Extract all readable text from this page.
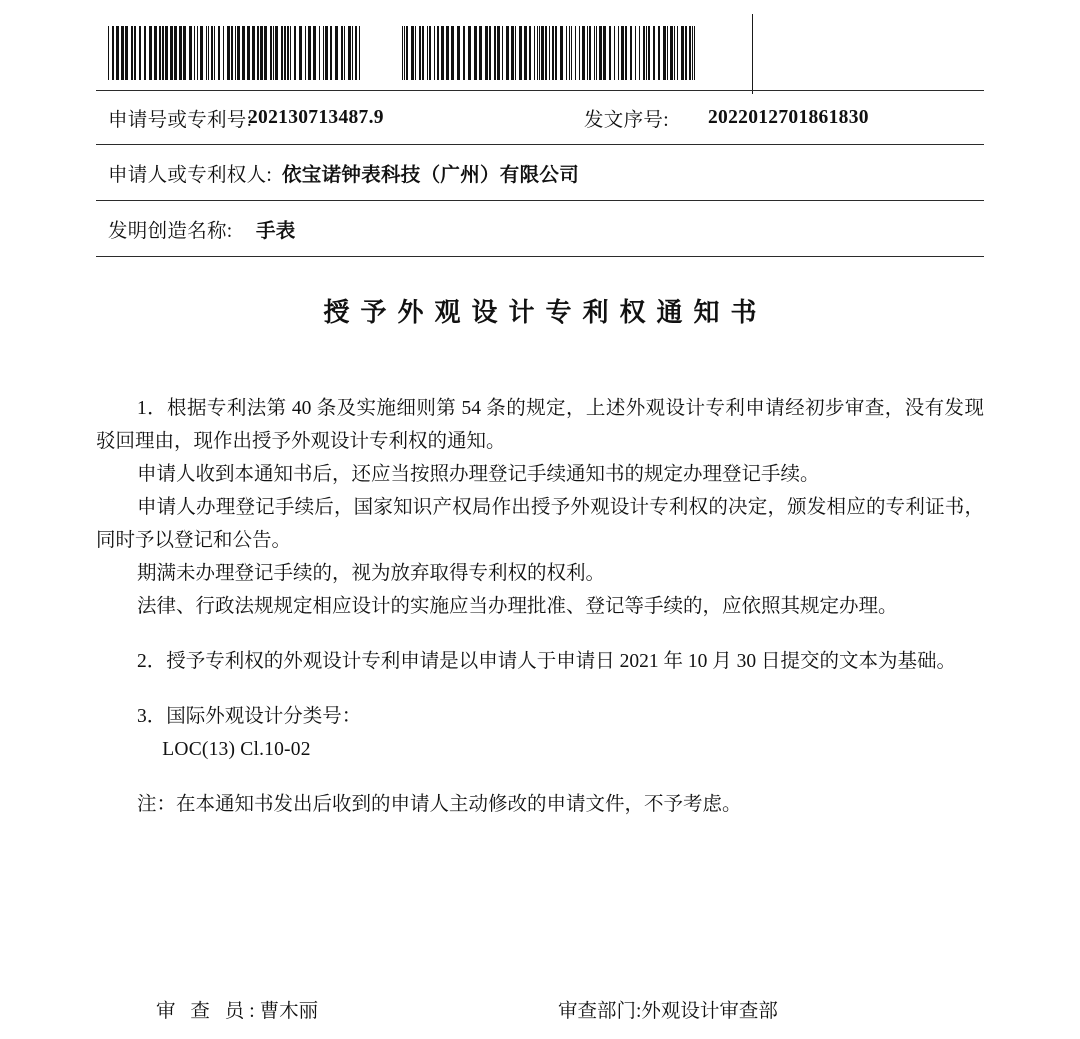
申请号或专利号:
202130713487.9	发文序号: 2022012701861830
申请人或专利权人: 依宝诺钟表科技（广州）有限公司
发明创造名称: 手表
授予外观设计专利权通知书

1．根据专利法第 40 条及实施细则第 54 条的规定，上述外观设计专利申请经初步审查，没有发现驳回理由，现作出授予外观设计专利权的通知。

申请人收到本通知书后，还应当按照办理登记手续通知书的规定办理登记手续。

申请人办理登记手续后，国家知识产权局作出授予外观设计专利权的决定，颁发相应的专利证书，同时予以登记和公告。

期满未办理登记手续的，视为放弃取得专利权的权利。

法律、行政法规规定相应设计的实施应当办理批准、登记等手续的，应依照其规定办理。

2．授予专利权的外观设计专利申请是以申请人于申请日 2021 年 10 月 30 日提交的文本为基础。

3．国际外观设计分类号：

LOC(13) Cl.10-02

注：在本通知书发出后收到的申请人主动修改的申请文件，不予考虑。

审 查 员:曹木丽	审查部门:外观设计审查部
